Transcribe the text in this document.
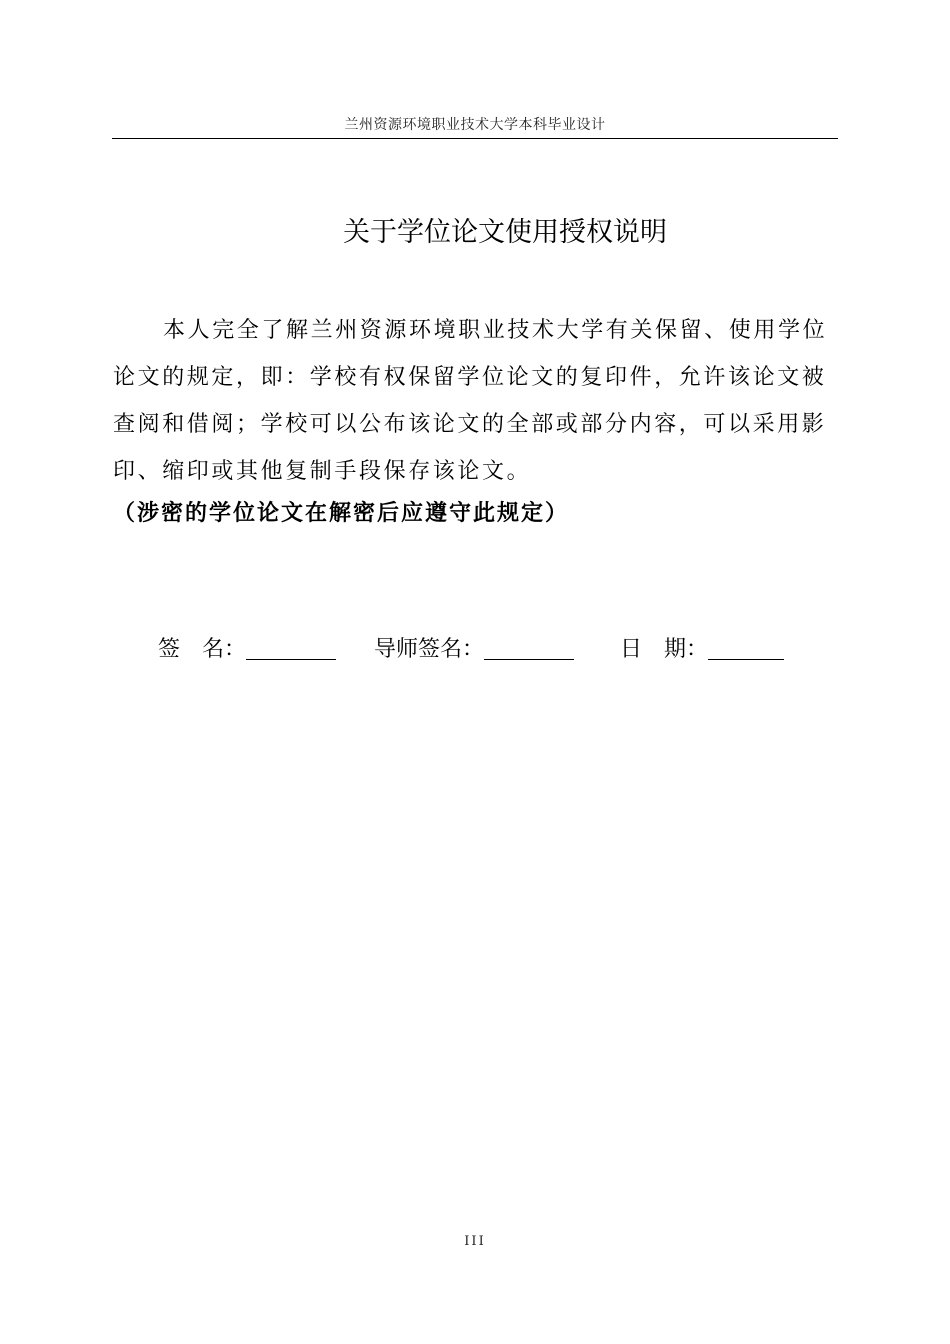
兰州资源环境职业技术大学本科毕业设计
关于学位论文使用授权说明

本人完全了解兰州资源环境职业技术大学有关保留、使用学位论文的规定，即：学校有权保留学位论文的复印件，允许该论文被查阅和借阅；学校可以公布该论文的全部或部分内容，可以采用影印、缩印或其他复制手段保存该论文。

（涉密的学位论文在解密后应遵守此规定）

签　名：	导师签名：	日　期：
III
